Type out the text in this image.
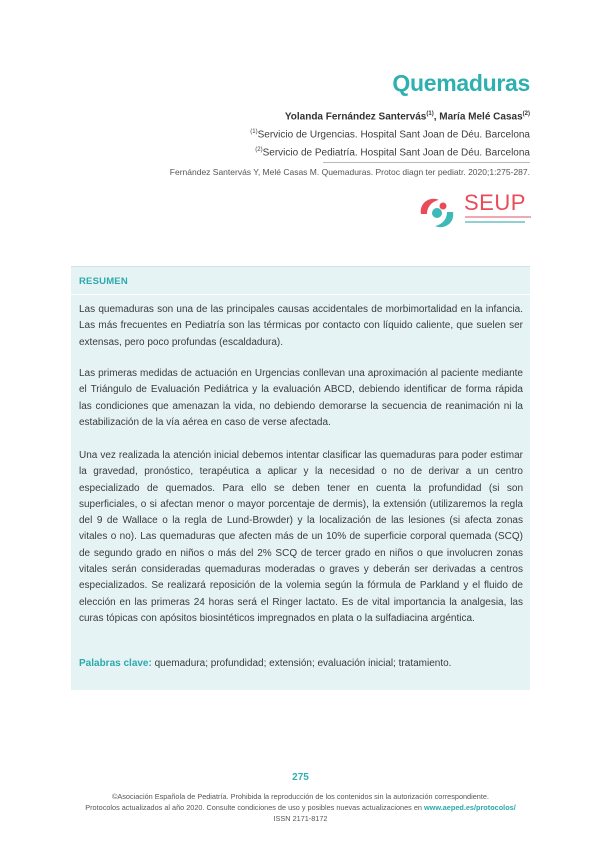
Quemaduras
Yolanda Fernández Santervás$^{(1)}$, María Melé Casas$^{(2)}$
$^{(1)}$Servicio de Urgencias. Hospital Sant Joan de Déu. Barcelona
$^{(2)}$Servicio de Pediatría. Hospital Sant Joan de Déu. Barcelona
Fernández Santervás Y, Melé Casas M. Quemaduras. Protoc diagn ter pediatr. 2020;1:275-287.
SEUP
RESUMEN

Las quemaduras son una de las principales causas accidentales de morbimortalidad en la infancia. Las más frecuentes en Pediatría son las térmicas por contacto con líquido caliente, que suelen ser extensas, pero poco profundas (escaldadura).

Las primeras medidas de actuación en Urgencias conllevan una aproximación al paciente mediante el Triángulo de Evaluación Pediátrica y la evaluación ABCD, debiendo identificar de forma rápida las condiciones que amenazan la vida, no debiendo demorarse la secuencia de reanimación ni la estabilización de la vía aérea en caso de verse afectada.

Una vez realizada la atención inicial debemos intentar clasificar las quemaduras para poder estimar la gravedad, pronóstico, terapéutica a aplicar y la necesidad o no de derivar a un centro especializado de quemados. Para ello se deben tener en cuenta la profundidad (si son superficiales, o si afectan menor o mayor porcentaje de dermis), la extensión (utilizaremos la regla del 9 de Wallace o la regla de Lund-Browder) y la localización de las lesiones (si afecta zonas vitales o no). Las quemaduras que afecten más de un 10% de superficie corporal quemada (SCQ) de segundo grado en niños o más del 2% SCQ de tercer grado en niños o que involucren zonas vitales serán consideradas quemaduras moderadas o graves y deberán ser derivadas a centros especializados. Se realizará reposición de la volemia según la fórmula de Parkland y el fluido de elección en las primeras 24 horas será el Ringer lactato. Es de vital importancia la analgesia, las curas tópicas con apósitos biosintéticos impregnados en plata o la sulfadiacina argéntica.

Palabras clave: quemadura; profundidad; extensión; evaluación inicial; tratamiento.

275
©Asociación Española de Pediatría. Prohibida la reproducción de los contenidos sin la autorización correspondiente.
Protocolos actualizados al año 2020. Consulte condiciones de uso y posibles nuevas actualizaciones en www.aeped.es/protocolos/
ISSN 2171-8172
